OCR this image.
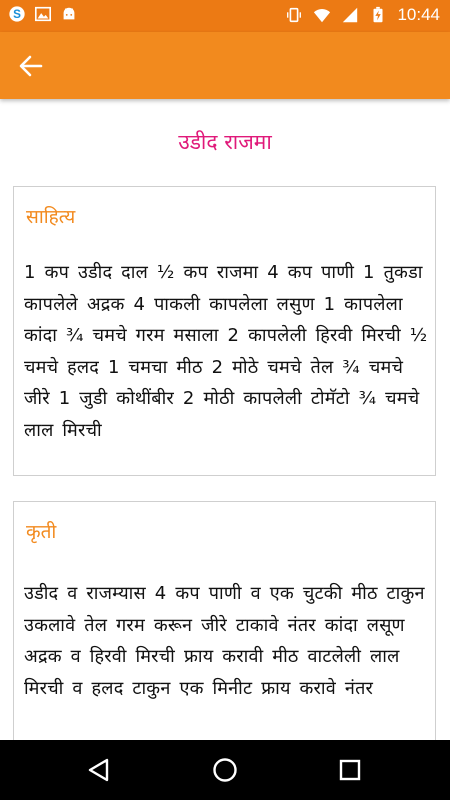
S	10:44
उडीद राजमा
साहित्य
1 कप उडीद दाल ½ कप राजमा 4 कप पाणी 1 तुकडा कापलेले अद्रक 4 पाकली कापलेला लसुण 1 कापलेला कांदा ¾ चमचे गरम मसाला 2 कापलेली हिरवी मिरची ½ चमचे हलद 1 चमचा मीठ 2 मोठे चमचे तेल ¾ चमचे जीरे 1 जुडी कोथींबीर 2 मोठी कापलेली टोमॅटो ¾ चमचे लाल मिरची
कृती
उडीद व राजम्यास 4 कप पाणी व एक चुटकी मीठ टाकुन उकलावे तेल गरम करून जीरे टाकावे नंतर कांदा लसूण अद्रक व हिरवी मिरची फ्राय करावी मीठ वाटलेली लाल मिरची व हलद टाकुन एक मिनीट फ्राय करावे नंतर
